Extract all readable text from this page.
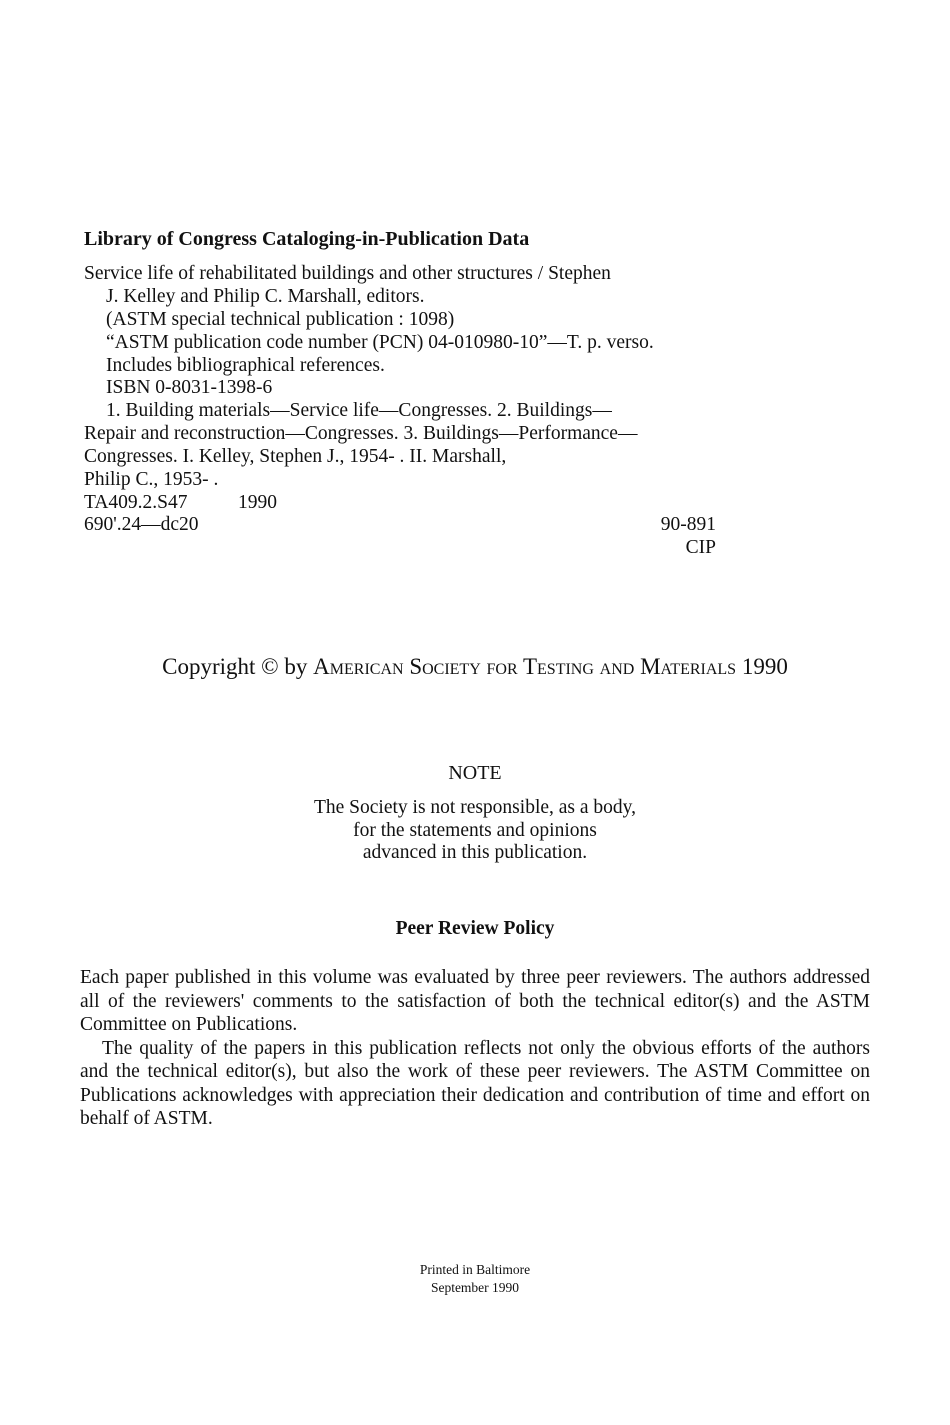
Library of Congress Cataloging-in-Publication Data
Service life of rehabilitated buildings and other structures / Stephen
J. Kelley and Philip C. Marshall, editors.
(ASTM special technical publication : 1098)
“ASTM publication code number (PCN) 04-010980-10”—T. p. verso.
Includes bibliographical references.
ISBN 0-8031-1398-6
1. Building materials—Service life—Congresses. 2. Buildings—
Repair and reconstruction—Congresses. 3. Buildings—Performance—
Congresses. I. Kelley, Stephen J., 1954- . II. Marshall,
Philip C., 1953- .
TA409.2.S47	1990
690'.24—dc20	90-891
CIP
Copyright © by American Society for Testing and Materials 1990
NOTE
The Society is not responsible, as a body,
for the statements and opinions
advanced in this publication.
Peer Review Policy

Each paper published in this volume was evaluated by three peer reviewers. The authors addressed all of the reviewers' comments to the satisfaction of both the technical editor(s) and the ASTM Committee on Publications.

The quality of the papers in this publication reflects not only the obvious efforts of the authors and the technical editor(s), but also the work of these peer reviewers. The ASTM Committee on Publications acknowledges with appreciation their dedication and contribution of time and effort on behalf of ASTM.

Printed in Baltimore
September 1990
